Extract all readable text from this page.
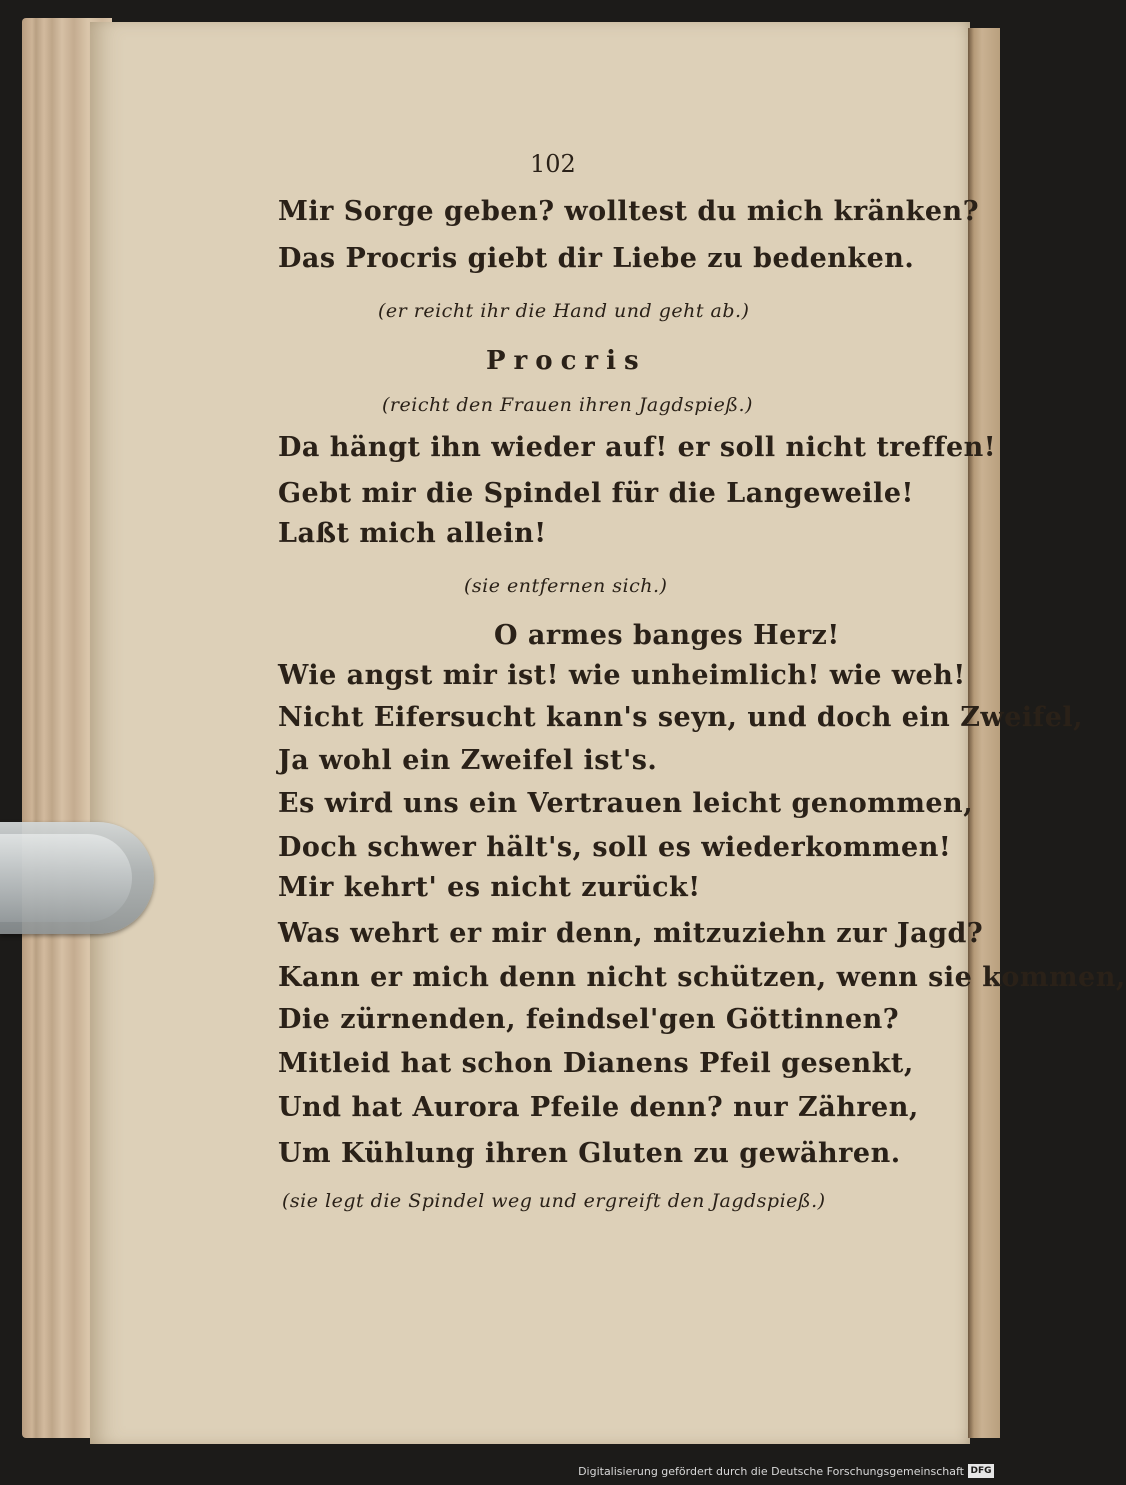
102
Mir Sorge geben? wolltest du mich kränken?
Das Procris giebt dir Liebe zu bedenken.
(er reicht ihr die Hand und geht ab.)
Procris
(reicht den Frauen ihren Jagdspieß.)
Da hängt ihn wieder auf! er soll nicht treffen!
Gebt mir die Spindel für die Langeweile!
Laßt mich allein!
(sie entfernen sich.)
O armes banges Herz!
Wie angst mir ist! wie unheimlich! wie weh!
Nicht Eifersucht kann's seyn, und doch ein Zweifel,
Ja wohl ein Zweifel ist's.
Es wird uns ein Vertrauen leicht genommen,
Doch schwer hält's, soll es wiederkommen!
Mir kehrt' es nicht zurück!
Was wehrt er mir denn, mitzuziehn zur Jagd?
Kann er mich denn nicht schützen, wenn sie kommen,
Die zürnenden, feindsel'gen Göttinnen?
Mitleid hat schon Dianens Pfeil gesenkt,
Und hat Aurora Pfeile denn? nur Zähren,
Um Kühlung ihren Gluten zu gewähren.
(sie legt die Spindel weg und ergreift den Jagdspieß.)
Digitalisierung gefördert durch die Deutsche Forschungsgemeinschaft DFG
